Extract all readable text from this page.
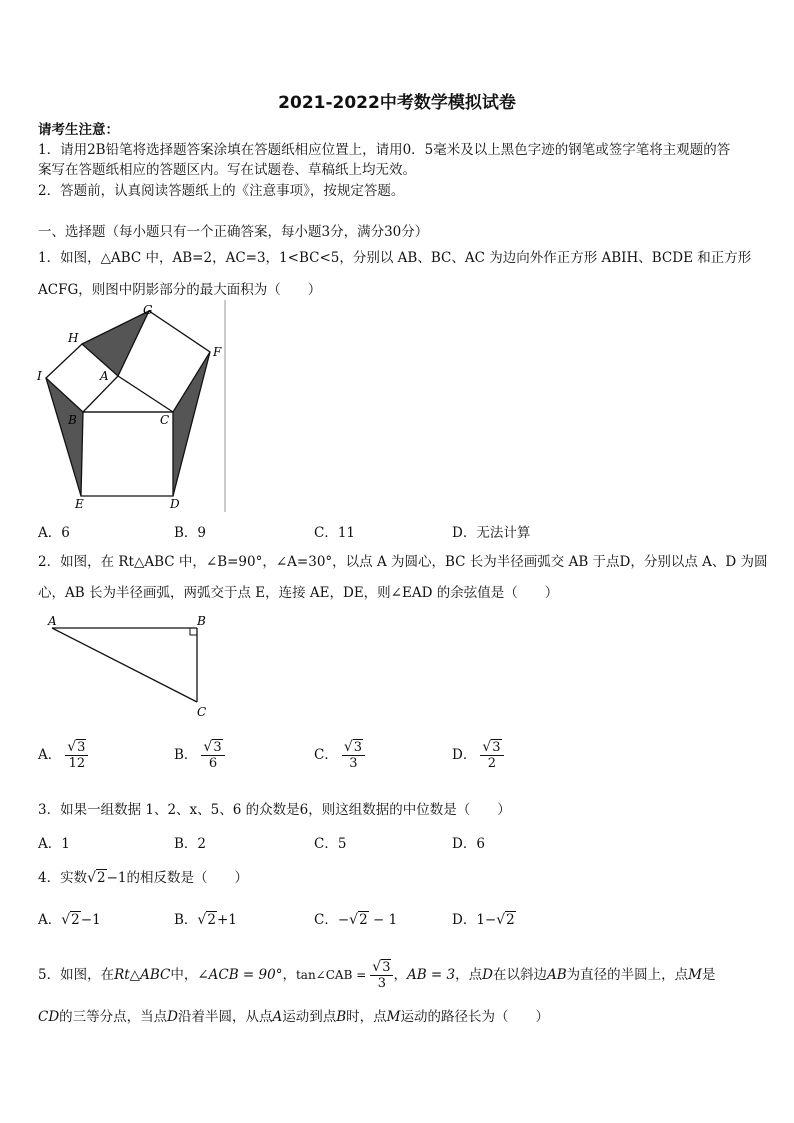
2021-2022中考数学模拟试卷
请考生注意：
1．请用2B铅笔将选择题答案涂填在答题纸相应位置上，请用0．5毫米及以上黑色字迹的钢笔或签字笔将主观题的答
案写在答题纸相应的答题区内。写在试题卷、草稿纸上均无效。
2．答题前，认真阅读答题纸上的《注意事项》，按规定答题。
一、选择题（每小题只有一个正确答案，每小题3分，满分30分）
1．如图，△ABC 中，AB=2，AC=3，1<BC<5，分别以 AB、BC、AC 为边向外作正方形 ABIH、BCDE 和正方形
ACFG，则图中阴影部分的最大面积为（　　）
G
H
F
I	A
B	C
E	D
A．6	B．9	C．11	D．无法计算
2．如图，在 Rt△ABC 中，∠B=90°，∠A=30°，以点 A 为圆心，BC 长为半径画弧交 AB 于点D，分别以点 A、D 为圆
心，AB 长为半径画弧，两弧交于点 E，连接 AE，DE，则∠EAD 的余弦值是（　　）
A	B
C
A． $\frac{√3}{12}$	B． $\frac{√3}{6}$	C． $\frac{√3}{3}$	D． $\frac{√3}{2}$
3．如果一组数据 1、2、x、5、6 的众数是6，则这组数据的中位数是（　　）
A．1	B．2	C．5	D．6
4．实数√2−1的相反数是（　　）
A．√2−1	B．√2+1	C．−√2 − 1	D．1−√2
5．如图，在Rt△ABC中，∠ACB = 90°，tan∠CAB = $\frac{√3}{3}$ ，AB = 3，点D在以斜边AB为直径的半圆上，点M是
CD的三等分点，当点D沿着半圆，从点A运动到点B时，点M运动的路径长为（　　）
